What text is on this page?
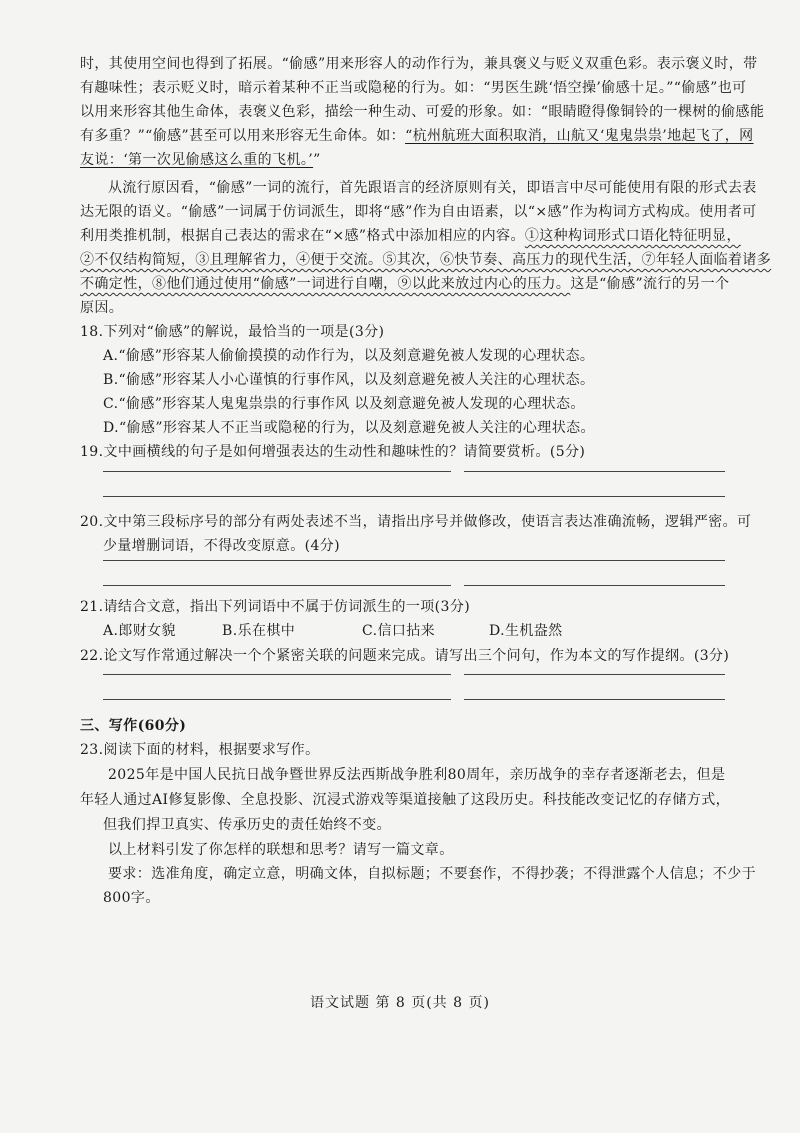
时，其使用空间也得到了拓展。“偷感”用来形容人的动作行为，兼具褒义与贬义双重色彩。表示褒义时，带
有趣味性；表示贬义时，暗示着某种不正当或隐秘的行为。如：“男医生跳‘悟空操’偷感十足。”“偷感”也可
以用来形容其他生命体，表褒义色彩，描绘一种生动、可爱的形象。如：“眼睛瞪得像铜铃的一棵树的偷感能
有多重？”“偷感”甚至可以用来形容无生命体。如：“杭州航班大面积取消，山航又‘鬼鬼祟祟’地起飞了，网
友说：‘第一次见偷感这么重的飞机。’”
从流行原因看，“偷感”一词的流行，首先跟语言的经济原则有关，即语言中尽可能使用有限的形式去表
达无限的语义。“偷感”一词属于仿词派生，即将“感”作为自由语素，以“×感”作为构词方式构成。使用者可
利用类推机制，根据自己表达的需求在“×感”格式中添加相应的内容。①这种构词形式口语化特征明显，
②不仅结构简短，③且理解省力，④便于交流。⑤其次，⑥快节奏、高压力的现代生活，⑦年轻人面临着诸多
不确定性，⑧他们通过使用“偷感”一词进行自嘲，⑨以此来放过内心的压力。这是“偷感”流行的另一个
原因。
18.下列对“偷感”的解说，最恰当的一项是(3分)
A.“偷感”形容某人偷偷摸摸的动作行为，以及刻意避免被人发现的心理状态。
B.“偷感”形容某人小心谨慎的行事作风，以及刻意避免被人关注的心理状态。
C.“偷感”形容某人鬼鬼祟祟的行事作风 以及刻意避免被人发现的心理状态。
D.“偷感”形容某人不正当或隐秘的行为，以及刻意避免被人关注的心理状态。
19.文中画横线的句子是如何增强表达的生动性和趣味性的？请简要赏析。(5分)
20.文中第三段标序号的部分有两处表述不当，请指出序号并做修改，使语言表达准确流畅，逻辑严密。可
少量增删词语，不得改变原意。(4分)
21.请结合文意，指出下列词语中不属于仿词派生的一项(3分)
A.郎财女貌	B.乐在棋中	C.信口拈来	D.生机盎然
22.论文写作常通过解决一个个紧密关联的问题来完成。请写出三个问句，作为本文的写作提纲。(3分)
三、写作(60分)
23.阅读下面的材料，根据要求写作。
2025年是中国人民抗日战争暨世界反法西斯战争胜利80周年，亲历战争的幸存者逐渐老去，但是
年轻人通过AI修复影像、全息投影、沉浸式游戏等渠道接触了这段历史。科技能改变记忆的存储方式，
但我们捍卫真实、传承历史的责任始终不变。
以上材料引发了你怎样的联想和思考？请写一篇文章。
要求：选准角度，确定立意，明确文体，自拟标题；不要套作，不得抄袭；不得泄露个人信息；不少于
800字。
语文试题 第 8 页(共 8 页)
